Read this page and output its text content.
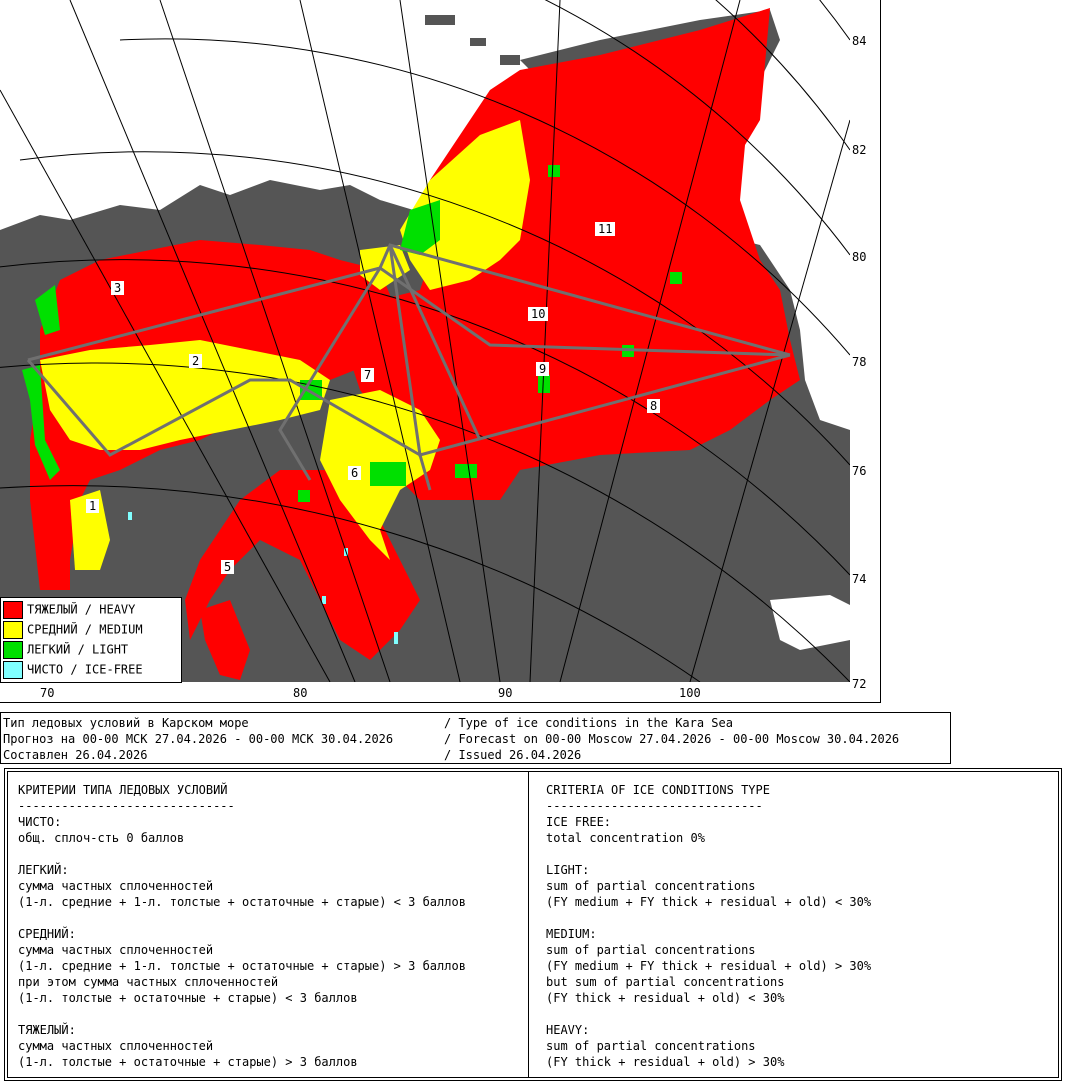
84
82
80
78
76
74
72
70	80	90	100
1
2
3
5
6
7
8
9
10
11
ТЯЖЕЛЫЙ / HEAVY
СРЕДНИЙ / MEDIUM
ЛЕГКИЙ / LIGHT
ЧИСТО / ICE-FREE
Тип ледовых условий в Карском море	/ Type of ice conditions in the Kara Sea
Прогноз на 00-00 МСК 27.04.2026 - 00-00 МСК 30.04.2026	/ Forecast on 00-00 Moscow 27.04.2026 - 00-00 Moscow 30.04.2026
Составлен 26.04.2026	/ Issued 26.04.2026
КРИТЕРИИ ТИПА ЛЕДОВЫХ УСЛОВИЙ
------------------------------
ЧИСТО:
общ. сплоч-сть 0 баллов
ЛЕГКИЙ:
сумма частных сплоченностей
(1-л. средние + 1-л. толстые + остаточные + старые) < 3 баллов
СРЕДНИЙ:
сумма частных сплоченностей
(1-л. средние + 1-л. толстые + остаточные + старые) > 3 баллов
при этом сумма частных сплоченностей
(1-л. толстые + остаточные + старые) < 3 баллов
ТЯЖЕЛЫЙ:
сумма частных сплоченностей
(1-л. толстые + остаточные + старые) > 3 баллов
CRITERIA OF ICE CONDITIONS TYPE
------------------------------
ICE FREE:
total concentration 0%
LIGHT:
sum of partial concentrations
(FY medium + FY thick + residual + old) < 30%
MEDIUM:
sum of partial concentrations
(FY medium + FY thick + residual + old) > 30%
but sum of partial concentrations
(FY thick + residual + old) < 30%
HEAVY:
sum of partial concentrations
(FY thick + residual + old) > 30%
